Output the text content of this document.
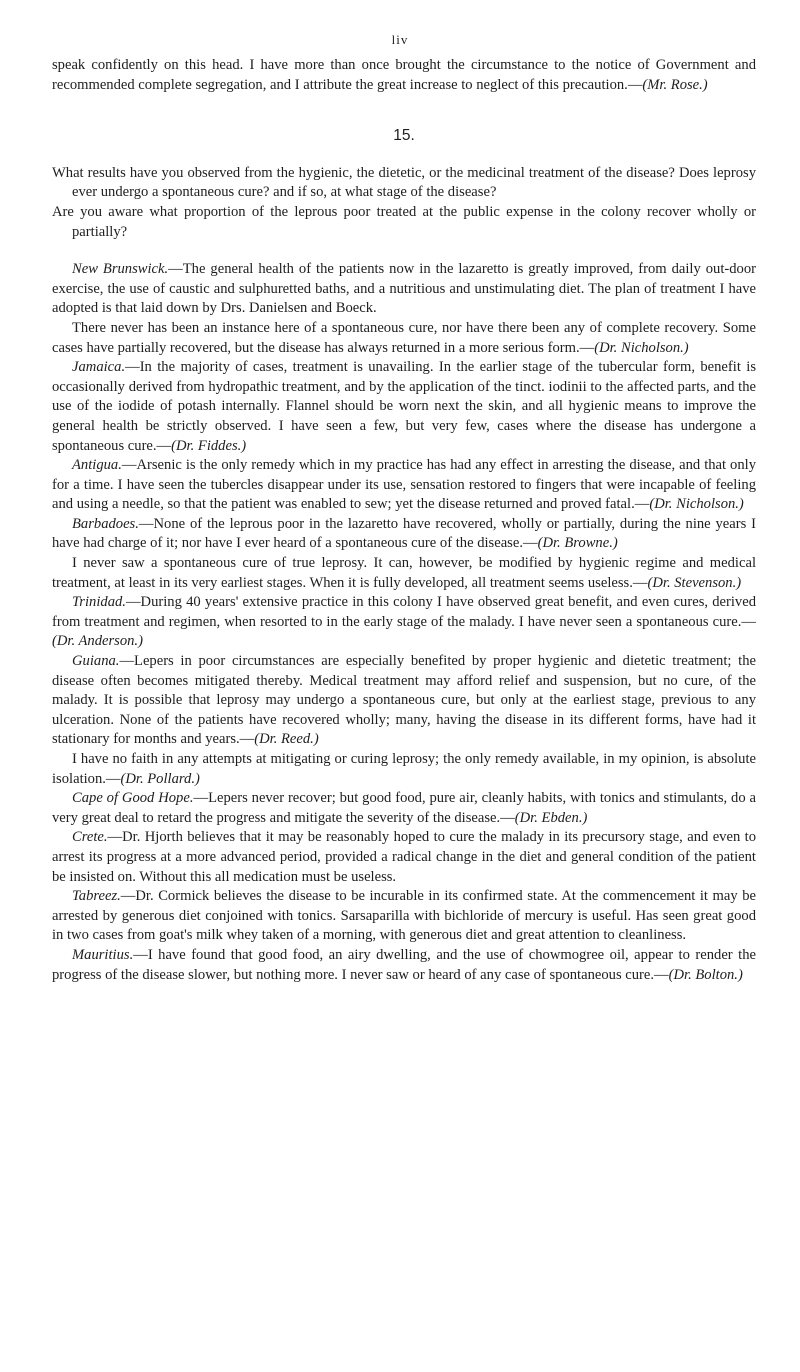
liv

speak confidently on this head. I have more than once brought the circumstance to the notice of Government and recommended complete segregation, and I attribute the great increase to neglect of this precaution.—(Mr. Rose.)

15.

What results have you observed from the hygienic, the dietetic, or the medicinal treatment of the disease? Does leprosy ever undergo a spontaneous cure? and if so, at what stage of the disease?

Are you aware what proportion of the leprous poor treated at the public expense in the colony recover wholly or partially?

New Brunswick.—The general health of the patients now in the lazaretto is greatly improved, from daily out-door exercise, the use of caustic and sulphuretted baths, and a nutritious and unstimulating diet. The plan of treatment I have adopted is that laid down by Drs. Danielsen and Boeck.

There never has been an instance here of a spontaneous cure, nor have there been any of complete recovery. Some cases have partially recovered, but the disease has always returned in a more serious form.—(Dr. Nicholson.)

Jamaica.—In the majority of cases, treatment is unavailing. In the earlier stage of the tubercular form, benefit is occasionally derived from hydropathic treatment, and by the application of the tinct. iodinii to the affected parts, and the use of the iodide of potash internally. Flannel should be worn next the skin, and all hygienic means to improve the general health be strictly observed. I have seen a few, but very few, cases where the disease has undergone a spontaneous cure.—(Dr. Fiddes.)

Antigua.—Arsenic is the only remedy which in my practice has had any effect in arresting the disease, and that only for a time. I have seen the tubercles disappear under its use, sensation restored to fingers that were incapable of feeling and using a needle, so that the patient was enabled to sew; yet the disease returned and proved fatal.—(Dr. Nicholson.)

Barbadoes.—None of the leprous poor in the lazaretto have recovered, wholly or partially, during the nine years I have had charge of it; nor have I ever heard of a spontaneous cure of the disease.—(Dr. Browne.)

I never saw a spontaneous cure of true leprosy. It can, however, be modified by hygienic regime and medical treatment, at least in its very earliest stages. When it is fully developed, all treatment seems useless.—(Dr. Stevenson.)

Trinidad.—During 40 years' extensive practice in this colony I have observed great benefit, and even cures, derived from treatment and regimen, when resorted to in the early stage of the malady. I have never seen a spontaneous cure.—(Dr. Anderson.)

Guiana.—Lepers in poor circumstances are especially benefited by proper hygienic and dietetic treatment; the disease often becomes mitigated thereby. Medical treatment may afford relief and suspension, but no cure, of the malady. It is possible that leprosy may undergo a spontaneous cure, but only at the earliest stage, previous to any ulceration. None of the patients have recovered wholly; many, having the disease in its different forms, have had it stationary for months and years.—(Dr. Reed.)

I have no faith in any attempts at mitigating or curing leprosy; the only remedy available, in my opinion, is absolute isolation.—(Dr. Pollard.)

Cape of Good Hope.—Lepers never recover; but good food, pure air, cleanly habits, with tonics and stimulants, do a very great deal to retard the progress and mitigate the severity of the disease.—(Dr. Ebden.)

Crete.—Dr. Hjorth believes that it may be reasonably hoped to cure the malady in its precursory stage, and even to arrest its progress at a more advanced period, provided a radical change in the diet and general condition of the patient be insisted on. Without this all medication must be useless.

Tabreez.—Dr. Cormick believes the disease to be incurable in its confirmed state. At the commencement it may be arrested by generous diet conjoined with tonics. Sarsaparilla with bichloride of mercury is useful. Has seen great good in two cases from goat's milk whey taken of a morning, with generous diet and great attention to cleanliness.

Mauritius.—I have found that good food, an airy dwelling, and the use of chowmogree oil, appear to render the progress of the disease slower, but nothing more. I never saw or heard of any case of spontaneous cure.—(Dr. Bolton.)
